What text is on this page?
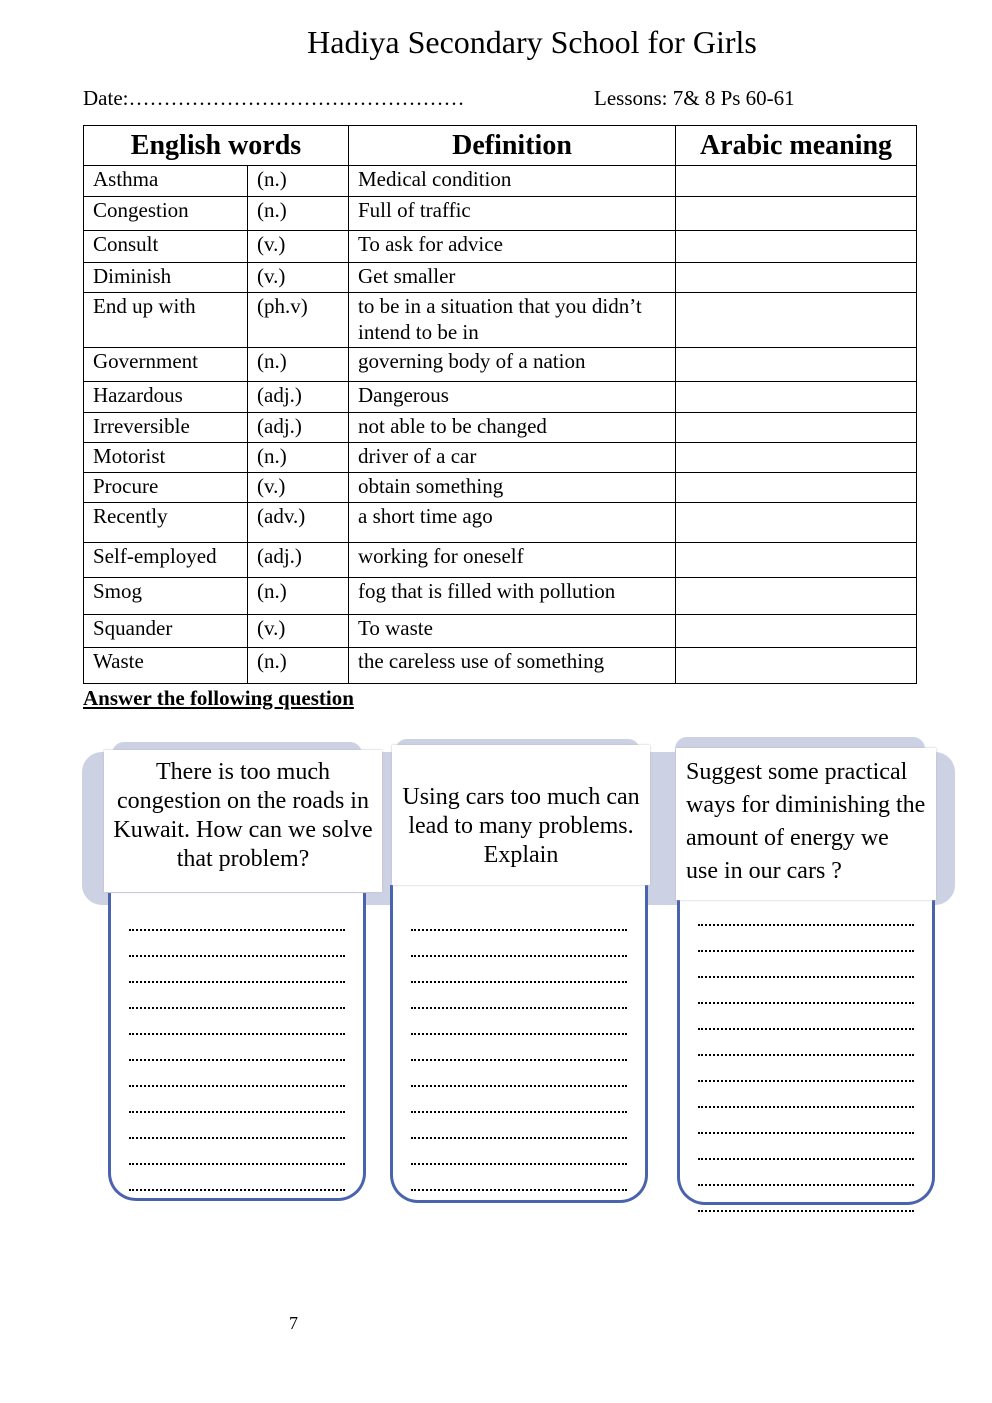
Hadiya Secondary School for Girls
Date:…………………………………………	Lessons: 7& 8 Ps 60-61
English words		Definition	Arabic meaning
Asthma	(n.)	Medical condition	
Congestion	(n.)	Full of traffic	
Consult	(v.)	To ask for advice	
Diminish	(v.)	Get smaller	
End up with	(ph.v)	to be in a situation that you didn’t intend to be in	
Government	(n.)	governing body of a nation	
Hazardous	(adj.)	Dangerous	
Irreversible	(adj.)	not able to be changed	
Motorist	(n.)	driver of a car	
Procure	(v.)	obtain something	
Recently	(adv.)	a short time ago	
Self-employed	(adj.)	working for oneself	
Smog	(n.)	fog that is filled with pollution	
Squander	(v.)	To waste	
Waste	(n.)	the careless use of something	
Answer the following question
There is too much congestion on the roads in Kuwait. How can we solve that problem?
Using cars too much can lead to many problems. Explain
Suggest some practical ways for diminishing the amount of energy we use in our cars ?
7
